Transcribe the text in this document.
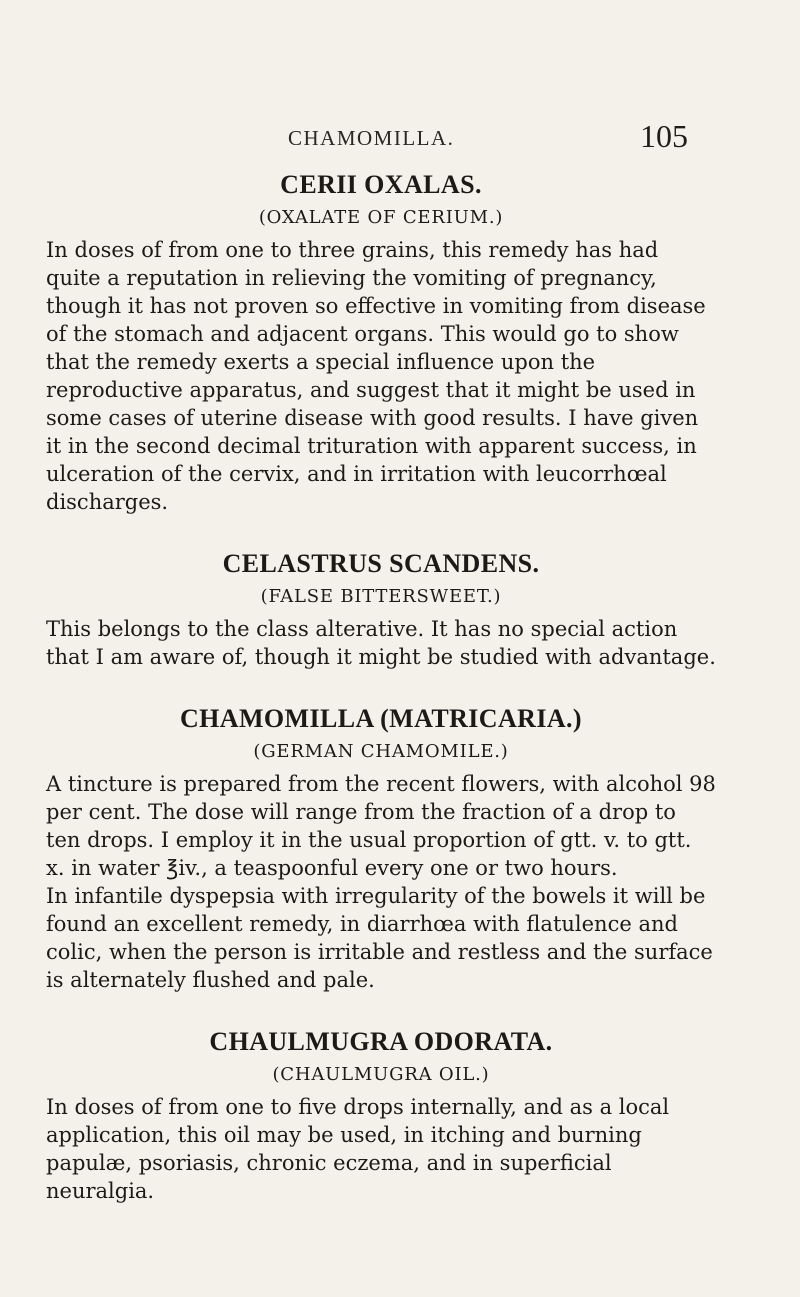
CHAMOMILLA.	105
CERII OXALAS.
(OXALATE OF CERIUM.)

In doses of from one to three grains, this remedy has had quite a reputation in relieving the vomiting of pregnancy, though it has not proven so effective in vomiting from disease of the stomach and adjacent organs. This would go to show that the remedy exerts a special influence upon the reproductive apparatus, and suggest that it might be used in some cases of uterine disease with good results. I have given it in the second decimal trituration with apparent success, in ulceration of the cervix, and in irritation with leucorrhœal discharges.

CELASTRUS SCANDENS.
(FALSE BITTERSWEET.)

This belongs to the class alterative. It has no special action that I am aware of, though it might be studied with advantage.

CHAMOMILLA (MATRICARIA.)
(GERMAN CHAMOMILE.)

A tincture is prepared from the recent flowers, with alcohol 98 per cent. The dose will range from the fraction of a drop to ten drops. I employ it in the usual proportion of gtt. v. to gtt. x. in water ℥iv., a teaspoonful every one or two hours.

In infantile dyspepsia with irregularity of the bowels it will be found an excellent remedy, in diarrhœa with flatulence and colic, when the person is irritable and restless and the surface is alternately flushed and pale.

CHAULMUGRA ODORATA.
(CHAULMUGRA OIL.)

In doses of from one to five drops internally, and as a local application, this oil may be used, in itching and burning papulæ, psoriasis, chronic eczema, and in superficial neuralgia.
